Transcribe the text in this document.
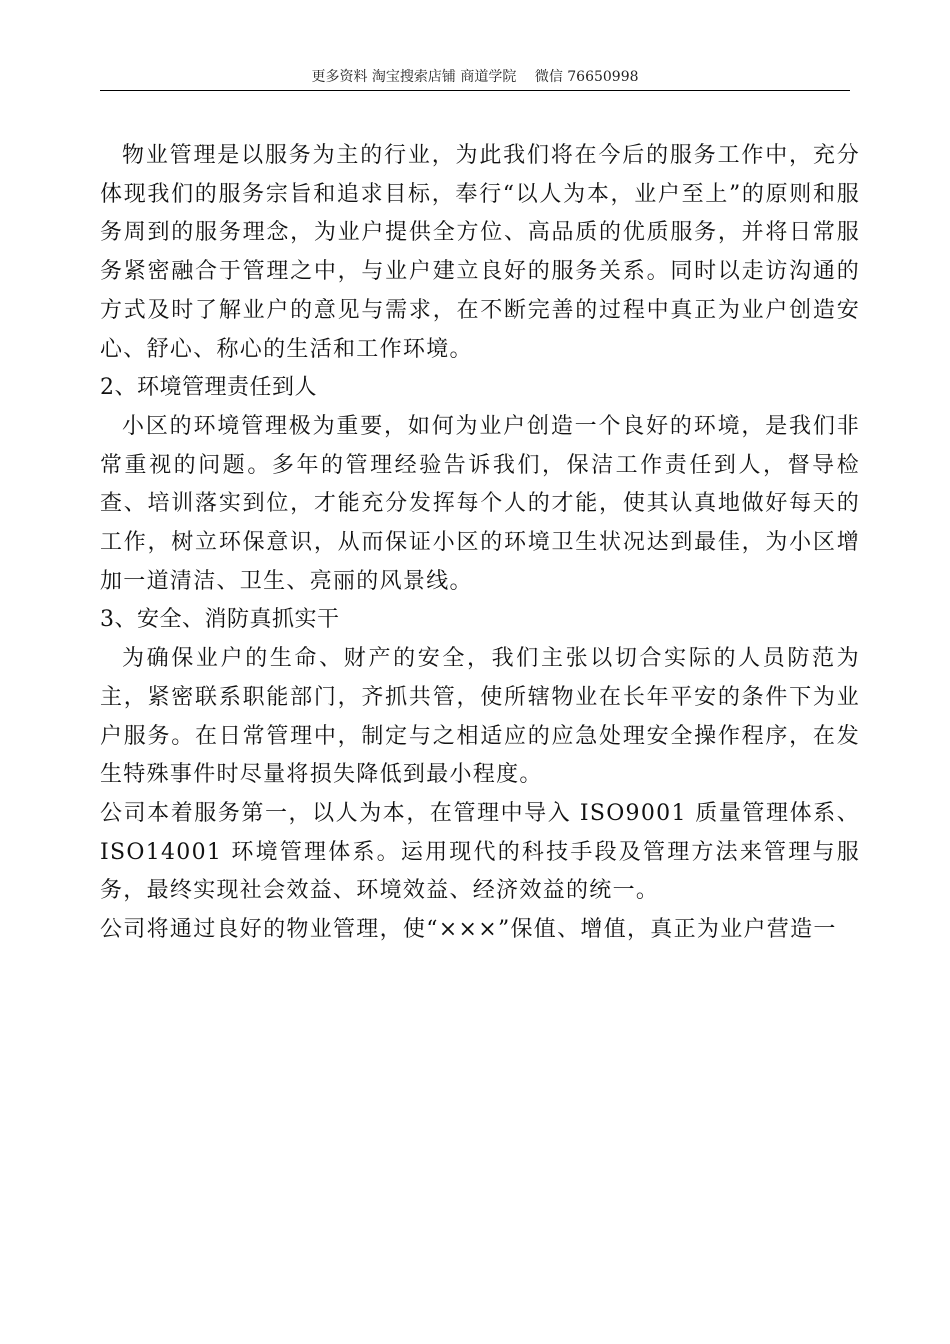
更多资料 淘宝搜索店铺 商道学院 　微信 76650998

物业管理是以服务为主的行业，为此我们将在今后的服务工作中，充分体现我们的服务宗旨和追求目标，奉行“以人为本，业户至上”的原则和服务周到的服务理念，为业户提供全方位、高品质的优质服务，并将日常服务紧密融合于管理之中，与业户建立良好的服务关系。同时以走访沟通的方式及时了解业户的意见与需求，在不断完善的过程中真正为业户创造安心、舒心、称心的生活和工作环境。

2、环境管理责任到人

小区的环境管理极为重要，如何为业户创造一个良好的环境，是我们非常重视的问题。多年的管理经验告诉我们，保洁工作责任到人，督导检查、培训落实到位，才能充分发挥每个人的才能，使其认真地做好每天的工作，树立环保意识，从而保证小区的环境卫生状况达到最佳，为小区增加一道清洁、卫生、亮丽的风景线。

3、安全、消防真抓实干

为确保业户的生命、财产的安全，我们主张以切合实际的人员防范为主，紧密联系职能部门，齐抓共管，使所辖物业在长年平安的条件下为业户服务。在日常管理中，制定与之相适应的应急处理安全操作程序，在发生特殊事件时尽量将损失降低到最小程度。

公司本着服务第一，以人为本，在管理中导入 ISO9001 质量管理体系、ISO14001 环境管理体系。运用现代的科技手段及管理方法来管理与服务，最终实现社会效益、环境效益、经济效益的统一。

公司将通过良好的物业管理，使“×××”保值、增值，真正为业户营造一
